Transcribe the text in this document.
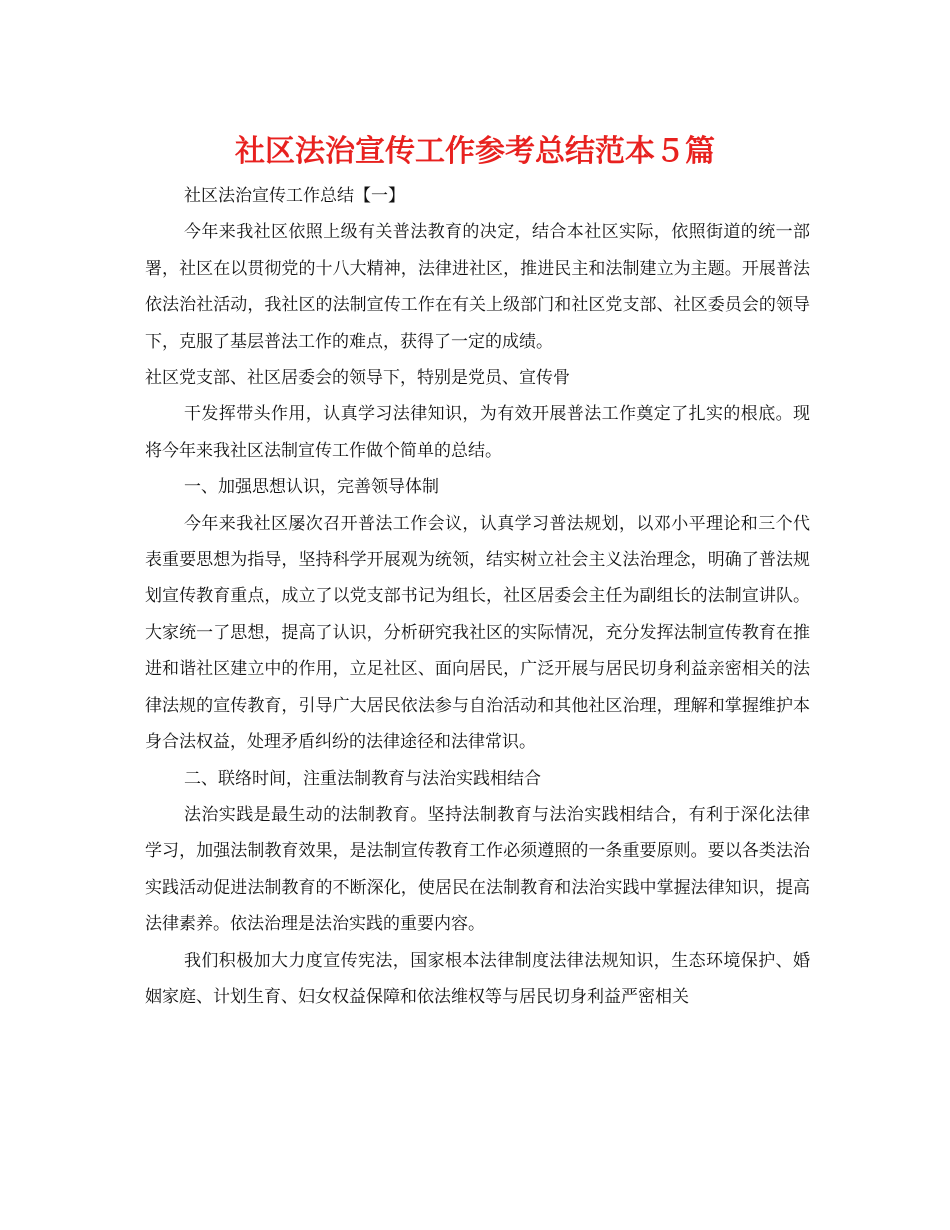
社区法治宣传工作参考总结范本５篇

社区法治宣传工作总结【一】

今年来我社区依照上级有关普法教育的决定，结合本社区实际，依照街道的统一部署，社区在以贯彻党的十八大精神，法律进社区，推进民主和法制建立为主题。开展普法依法治社活动，我社区的法制宣传工作在有关上级部门和社区党支部、社区委员会的领导下，克服了基层普法工作的难点，获得了一定的成绩。

社区党支部、社区居委会的领导下，特别是党员、宣传骨

干发挥带头作用，认真学习法律知识，为有效开展普法工作奠定了扎实的根底。现将今年来我社区法制宣传工作做个简单的总结。

一、加强思想认识，完善领导体制

今年来我社区屡次召开普法工作会议，认真学习普法规划，以邓小平理论和三个代表重要思想为指导，坚持科学开展观为统领，结实树立社会主义法治理念，明确了普法规划宣传教育重点，成立了以党支部书记为组长，社区居委会主任为副组长的法制宣讲队。大家统一了思想，提高了认识，分析研究我社区的实际情况，充分发挥法制宣传教育在推进和谐社区建立中的作用，立足社区、面向居民，广泛开展与居民切身利益亲密相关的法律法规的宣传教育，引导广大居民依法参与自治活动和其他社区治理，理解和掌握维护本身合法权益，处理矛盾纠纷的法律途径和法律常识。

二、联络时间，注重法制教育与法治实践相结合

法治实践是最生动的法制教育。坚持法制教育与法治实践相结合，有利于深化法律学习，加强法制教育效果，是法制宣传教育工作必须遵照的一条重要原则。要以各类法治实践活动促进法制教育的不断深化，使居民在法制教育和法治实践中掌握法律知识，提高法律素养。依法治理是法治实践的重要内容。

我们积极加大力度宣传宪法，国家根本法律制度法律法规知识，生态环境保护、婚姻家庭、计划生育、妇女权益保障和依法维权等与居民切身利益严密相关
